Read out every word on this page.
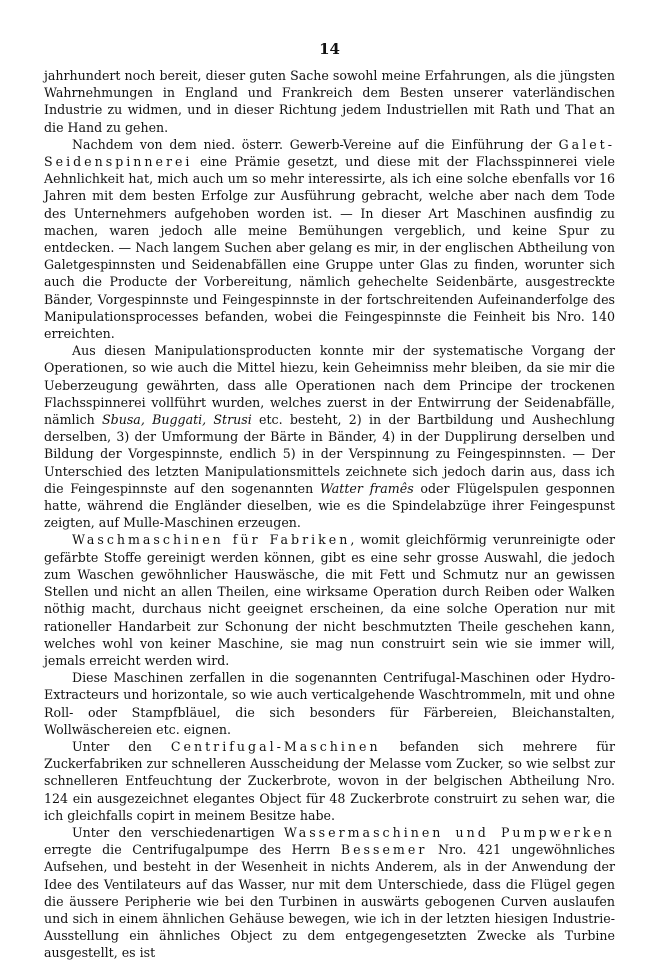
14

jahrhundert noch bereit, dieser guten Sache sowohl meine Erfahrungen, als die jüngsten Wahrnehmungen in England und Frankreich dem Besten unserer vaterländischen Industrie zu widmen, und in dieser Richtung jedem Industriellen mit Rath und That an die Hand zu gehen.

Nachdem von dem nied. österr. Gewerb-Vereine auf die Einführung der Galet-Seidenspinnerei eine Prämie gesetzt, und diese mit der Flachsspinnerei viele Aehnlichkeit hat, mich auch um so mehr interessirte, als ich eine solche ebenfalls vor 16 Jahren mit dem besten Erfolge zur Ausführung gebracht, welche aber nach dem Tode des Unternehmers aufgehoben worden ist. — In dieser Art Maschinen ausfindig zu machen, waren jedoch alle meine Bemühungen vergeblich, und keine Spur zu entdecken. — Nach langem Suchen aber gelang es mir, in der englischen Abtheilung von Galetgespinnsten und Seidenabfällen eine Gruppe unter Glas zu finden, worunter sich auch die Producte der Vorbereitung, nämlich gehechelte Seidenbärte, ausgestreckte Bänder, Vorgespinnste und Feingespinnste in der fortschreitenden Aufeinanderfolge des Manipulationsprocesses befanden, wobei die Feingespinnste die Feinheit bis Nro. 140 erreichten.

Aus diesen Manipulationsproducten konnte mir der systematische Vorgang der Operationen, so wie auch die Mittel hiezu, kein Geheimniss mehr bleiben, da sie mir die Ueberzeugung gewährten, dass alle Operationen nach dem Principe der trockenen Flachsspinnerei vollführt wurden, welches zuerst in der Entwirrung der Seidenabfälle, nämlich Sbusa, Buggati, Strusi etc. besteht, 2) in der Bartbildung und Aushechlung derselben, 3) der Umformung der Bärte in Bänder, 4) in der Dupplirung derselben und Bildung der Vorgespinnste, endlich 5) in der Verspinnung zu Feingespinnsten. — Der Unterschied des letzten Manipulationsmittels zeichnete sich jedoch darin aus, dass ich die Feingespinnste auf den sogenannten Watter framês oder Flügelspulen gesponnen hatte, während die Engländer dieselben, wie es die Spindelabzüge ihrer Feingespunst zeigten, auf Mulle-Maschinen erzeugen.

Waschmaschinen für Fabriken, womit gleichförmig verunreinigte oder gefärbte Stoffe gereinigt werden können, gibt es eine sehr grosse Auswahl, die jedoch zum Waschen gewöhnlicher Hauswäsche, die mit Fett und Schmutz nur an gewissen Stellen und nicht an allen Theilen, eine wirksame Operation durch Reiben oder Walken nöthig macht, durchaus nicht geeignet erscheinen, da eine solche Operation nur mit rationeller Handarbeit zur Schonung der nicht beschmutzten Theile geschehen kann, welches wohl von keiner Maschine, sie mag nun construirt sein wie sie immer will, jemals erreicht werden wird.

Diese Maschinen zerfallen in die sogenannten Centrifugal-Maschinen oder Hydro-Extracteurs und horizontale, so wie auch verticalgehende Waschtrommeln, mit und ohne Roll- oder Stampfbläuel, die sich besonders für Färbereien, Bleichanstalten, Wollwäschereien etc. eignen.

Unter den Centrifugal-Maschinen befanden sich mehrere für Zuckerfabriken zur schnelleren Ausscheidung der Melasse vom Zucker, so wie selbst zur schnelleren Entfeuchtung der Zuckerbrote, wovon in der belgischen Abtheilung Nro. 124 ein ausgezeichnet elegantes Object für 48 Zuckerbrote construirt zu sehen war, die ich gleichfalls copirt in meinem Besitze habe.

Unter den verschiedenartigen Wassermaschinen und Pumpwerken erregte die Centrifugalpumpe des Herrn Bessemer Nro. 421 ungewöhnliches Aufsehen, und besteht in der Wesenheit in nichts Anderem, als in der Anwendung der Idee des Ventilateurs auf das Wasser, nur mit dem Unterschiede, dass die Flügel gegen die äussere Peripherie wie bei den Turbinen in auswärts gebogenen Curven auslaufen und sich in einem ähnlichen Gehäuse bewegen, wie ich in der letzten hiesigen Industrie-Ausstellung ein ähnliches Object zu dem entgegengesetzten Zwecke als Turbine ausgestellt, es ist
